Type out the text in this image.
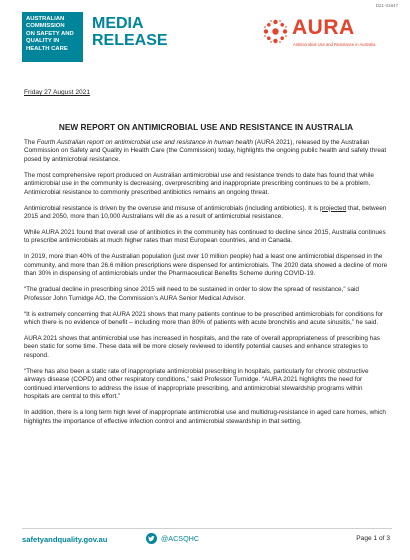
D21-31847
AUSTRALIAN
COMMISSION
ON SAFETY AND
QUALITY IN
HEALTH CARE
MEDIA
RELEASE
AURA
Antimicrobial Use and Resistance in Australia
Friday 27 August 2021
NEW REPORT ON ANTIMICROBIAL USE AND RESISTANCE IN AUSTRALIA

The Fourth Australian report on antimicrobial use and resistance in human health (AURA 2021), released by the Australian Commission on Safety and Quality in Health Care (the Commission) today, highlights the ongoing public health and safety threat posed by antimicrobial resistance.

The most comprehensive report produced on Australian antimicrobial use and resistance trends to date has found that while antimicrobial use in the community is decreasing, overprescribing and inappropriate prescribing continues to be a problem. Antimicrobial resistance to commonly prescribed antibiotics remains an ongoing threat.

Antimicrobial resistance is driven by the overuse and misuse of antimicrobials (including antibiotics). It is projected that, between 2015 and 2050, more than 10,000 Australians will die as a result of antimicrobial resistance.

While AURA 2021 found that overall use of antibiotics in the community has continued to decline since 2015, Australia continues to prescribe antimicrobials at much higher rates than most European countries, and in Canada.

In 2019, more than 40% of the Australian population (just over 10 million people) had a least one antimicrobial dispensed in the community, and more than 26.6 million prescriptions were dispensed for antimicrobials. The 2020 data showed a decline of more than 30% in dispensing of antimicrobials under the Pharmaceutical Benefits Scheme during COVID-19.

“The gradual decline in prescribing since 2015 will need to be sustained in order to slow the spread of resistance,” said Professor John Turnidge AO, the Commission’s AURA Senior Medical Advisor.

“It is extremely concerning that AURA 2021 shows that many patients continue to be prescribed antimicrobials for conditions for which there is no evidence of benefit – including more than 80% of patients with acute bronchitis and acute sinusitis,” he said.

AURA 2021 shows that antimicrobial use has increased in hospitals, and the rate of overall appropriateness of prescribing has been static for some time. These data will be more closely reviewed to identify potential causes and enhance strategies to respond.

“There has also been a static rate of inappropriate antimicrobial prescribing in hospitals, particularly for chronic obstructive airways disease (COPD) and other respiratory conditions,” said Professor Turnidge. “AURA 2021 highlights the need for continued interventions to address the issue of inappropriate prescribing, and antimicrobial stewardship programs within hospitals are central to this effort.”

In addition, there is a long term high level of inappropriate antimicrobial use and multidrug-resistance in aged care homes, which highlights the importance of effective infection control and antimicrobial stewardship in that setting.

safetyandquality.gov.au	@ACSQHC	Page 1 of 3
